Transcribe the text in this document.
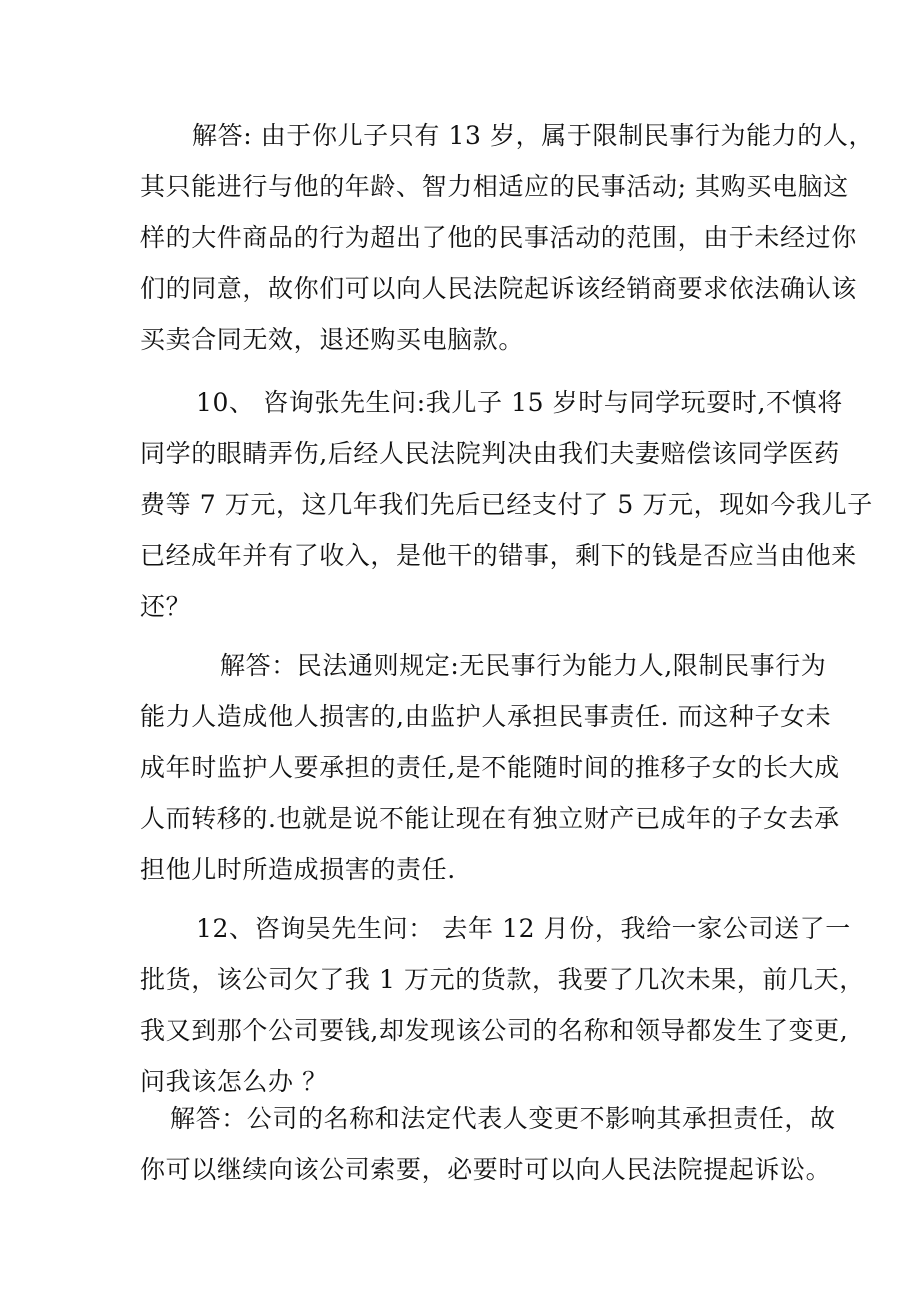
解答: 由于你儿子只有 13 岁，属于限制民事行为能力的人，
其只能进行与他的年龄、智力相适应的民事活动; 其购买电脑这
样的大件商品的行为超出了他的民事活动的范围，由于未经过你
们的同意，故你们可以向人民法院起诉该经销商要求依法确认该
买卖合同无效，退还购买电脑款。
10、 咨询张先生问:我儿子 15 岁时与同学玩耍时,不慎将
同学的眼睛弄伤,后经人民法院判决由我们夫妻赔偿该同学医药
费等 7 万元，这几年我们先后已经支付了 5 万元，现如今我儿子
已经成年并有了收入，是他干的错事，剩下的钱是否应当由他来
还？
解答：民法通则规定:无民事行为能力人,限制民事行为
能力人造成他人损害的,由监护人承担民事责任. 而这种子女未
成年时监护人要承担的责任,是不能随时间的推移子女的长大成
人而转移的.也就是说不能让现在有独立财产已成年的子女去承
担他儿时所造成损害的责任.
12、咨询吴先生问： 去年 12 月份，我给一家公司送了一
批货，该公司欠了我 1 万元的货款，我要了几次未果，前几天，
我又到那个公司要钱,却发现该公司的名称和领导都发生了变更,
问我该怎么办 ？
解答：公司的名称和法定代表人变更不影响其承担责任，故
你可以继续向该公司索要，必要时可以向人民法院提起诉讼。
